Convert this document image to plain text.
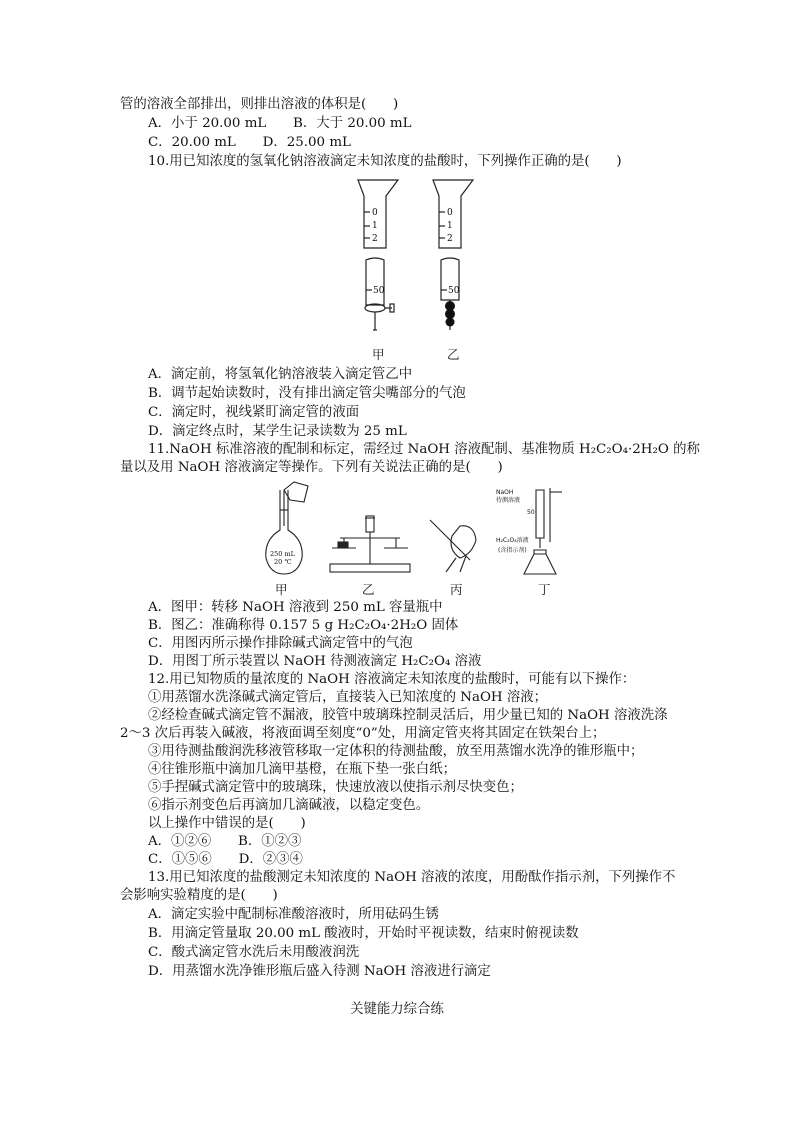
管的溶液全部排出，则排出溶液的体积是(　　)
A．小于 20.00 mL　　B．大于 20.00 mL
C．20.00 mL　　D．25.00 mL
10.用已知浓度的氢氧化钠溶液滴定未知浓度的盐酸时，下列操作正确的是(　　)
0
1
2
50
0
1
2
50
甲	乙
A．滴定前，将氢氧化钠溶液装入滴定管乙中
B．调节起始读数时，没有排出滴定管尖嘴部分的气泡
C．滴定时，视线紧盯滴定管的液面
D．滴定终点时，某学生记录读数为 25 mL
11.NaOH 标准溶液的配制和标定，需经过 NaOH 溶液配制、基准物质 H₂C₂O₄·2H₂O 的称
量以及用 NaOH 溶液滴定等操作。下列有关说法正确的是(　　)
250 mL
20 ℃
NaOH
待测溶液
50
H₂C₂O₄溶液
(含指示剂)
甲	乙	丙	丁
A．图甲：转移 NaOH 溶液到 250 mL 容量瓶中
B．图乙：准确称得 0.157 5 g H₂C₂O₄·2H₂O 固体
C．用图丙所示操作排除碱式滴定管中的气泡
D．用图丁所示装置以 NaOH 待测液滴定 H₂C₂O₄ 溶液
12.用已知物质的量浓度的 NaOH 溶液滴定未知浓度的盐酸时，可能有以下操作：
①用蒸馏水洗涤碱式滴定管后，直接装入已知浓度的 NaOH 溶液；
②经检查碱式滴定管不漏液，胶管中玻璃珠控制灵活后，用少量已知的 NaOH 溶液洗涤
2～3 次后再装入碱液，将液面调至刻度“0”处，用滴定管夹将其固定在铁架台上；
③用待测盐酸润洗移液管移取一定体积的待测盐酸，放至用蒸馏水洗净的锥形瓶中；
④往锥形瓶中滴加几滴甲基橙，在瓶下垫一张白纸；
⑤手捏碱式滴定管中的玻璃珠，快速放液以使指示剂尽快变色；
⑥指示剂变色后再滴加几滴碱液，以稳定变色。
以上操作中错误的是(　　)
A．①②⑥　　B．①②③
C．①⑤⑥　　D．②③④
13.用已知浓度的盐酸测定未知浓度的 NaOH 溶液的浓度，用酚酞作指示剂，下列操作不
会影响实验精度的是(　　)
A．滴定实验中配制标准酸溶液时，所用砝码生锈
B．用滴定管量取 20.00 mL 酸液时，开始时平视读数，结束时俯视读数
C．酸式滴定管水洗后未用酸液润洗
D．用蒸馏水洗净锥形瓶后盛入待测 NaOH 溶液进行滴定
关键能力综合练
